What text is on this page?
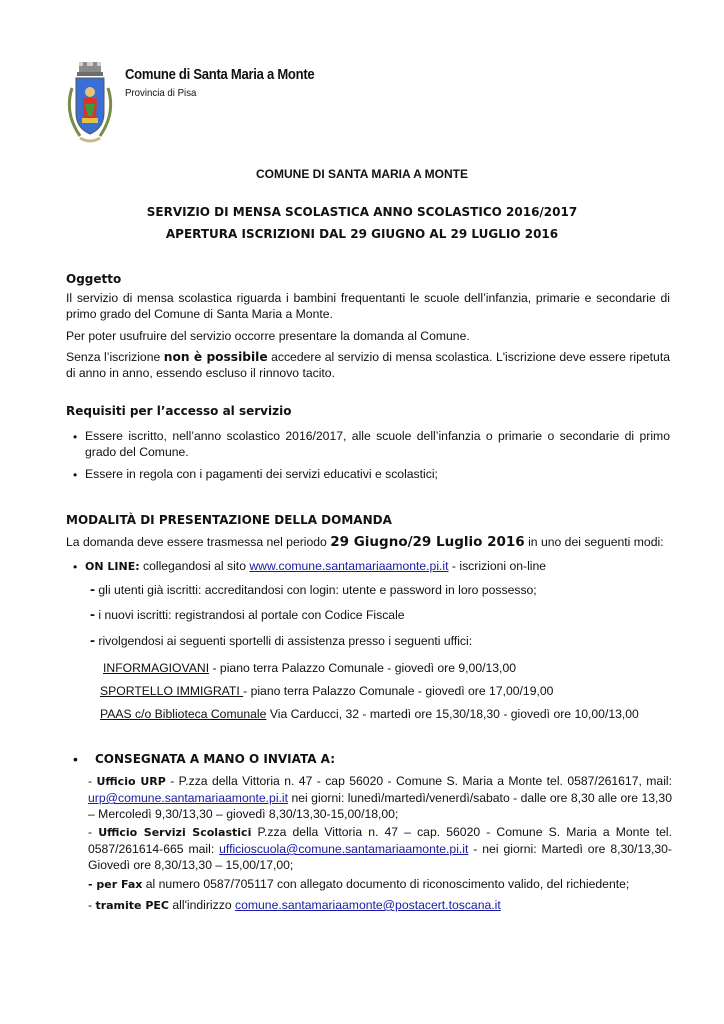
Comune di Santa Maria a Monte
Provincia di Pisa
COMUNE DI SANTA MARIA A MONTE
SERVIZIO DI MENSA SCOLASTICA ANNO SCOLASTICO 2016/2017
APERTURA ISCRIZIONI DAL 29 GIUGNO AL 29 LUGLIO 2016
Oggetto
Il servizio di mensa scolastica riguarda i bambini frequentanti le scuole dell’infanzia, primarie e secondarie di primo grado del Comune di Santa Maria a Monte.
Per poter usufruire del servizio occorre presentare la domanda al Comune.
Senza l’iscrizione non è possibile accedere al servizio di mensa scolastica. L'iscrizione deve essere ripetuta di anno in anno, essendo escluso il rinnovo tacito.
Requisiti per l’accesso al servizio
• Essere iscritto, nell’anno scolastico 2016/2017, alle scuole dell’infanzia o primarie o secondarie di primo grado del Comune.
• Essere in regola con i pagamenti dei servizi educativi e scolastici;
MODALITÀ DI PRESENTAZIONE DELLA DOMANDA
La domanda deve essere trasmessa nel periodo 29 Giugno/29 Luglio 2016 in uno dei seguenti modi:
• ON LINE: collegandosi al sito www.comune.santamariaamonte.pi.it - iscrizioni on-line
- gli utenti già iscritti: accreditandosi con login: utente e password in loro possesso;
- i nuovi iscritti: registrandosi al portale con Codice Fiscale
- rivolgendosi ai seguenti sportelli di assistenza presso i seguenti uffici:
INFORMAGIOVANI - piano terra Palazzo Comunale - giovedì ore 9,00/13,00
SPORTELLO IMMIGRATI - piano terra Palazzo Comunale - giovedì ore 17,00/19,00
PAAS c/o Biblioteca Comunale Via Carducci, 32 - martedì ore 15,30/18,30 - giovedì ore 10,00/13,00
• CONSEGNATA A MANO O INVIATA A:
- Ufficio URP - P.zza della Vittoria n. 47 - cap 56020 - Comune S. Maria a Monte tel. 0587/261617, mail: urp@comune.santamariaamonte.pi.it nei giorni: lunedì/martedì/venerdì/sabato - dalle ore 8,30 alle ore 13,30 – Mercoledì 9,30/13,30 – giovedì 8,30/13,30-15,00/18,00;
- Ufficio Servizi Scolastici P.zza della Vittoria n. 47 – cap. 56020 - Comune S. Maria a Monte tel. 0587/261614-665 mail: ufficioscuola@comune.santamariaamonte.pi.it - nei giorni: Martedì ore 8,30/13,30-Giovedì ore 8,30/13,30 – 15,00/17,00;
- per Fax al numero 0587/705117 con allegato documento di riconoscimento valido, del richiedente;
- tramite PEC all'indirizzo comune.santamariaamonte@postacert.toscana.it
